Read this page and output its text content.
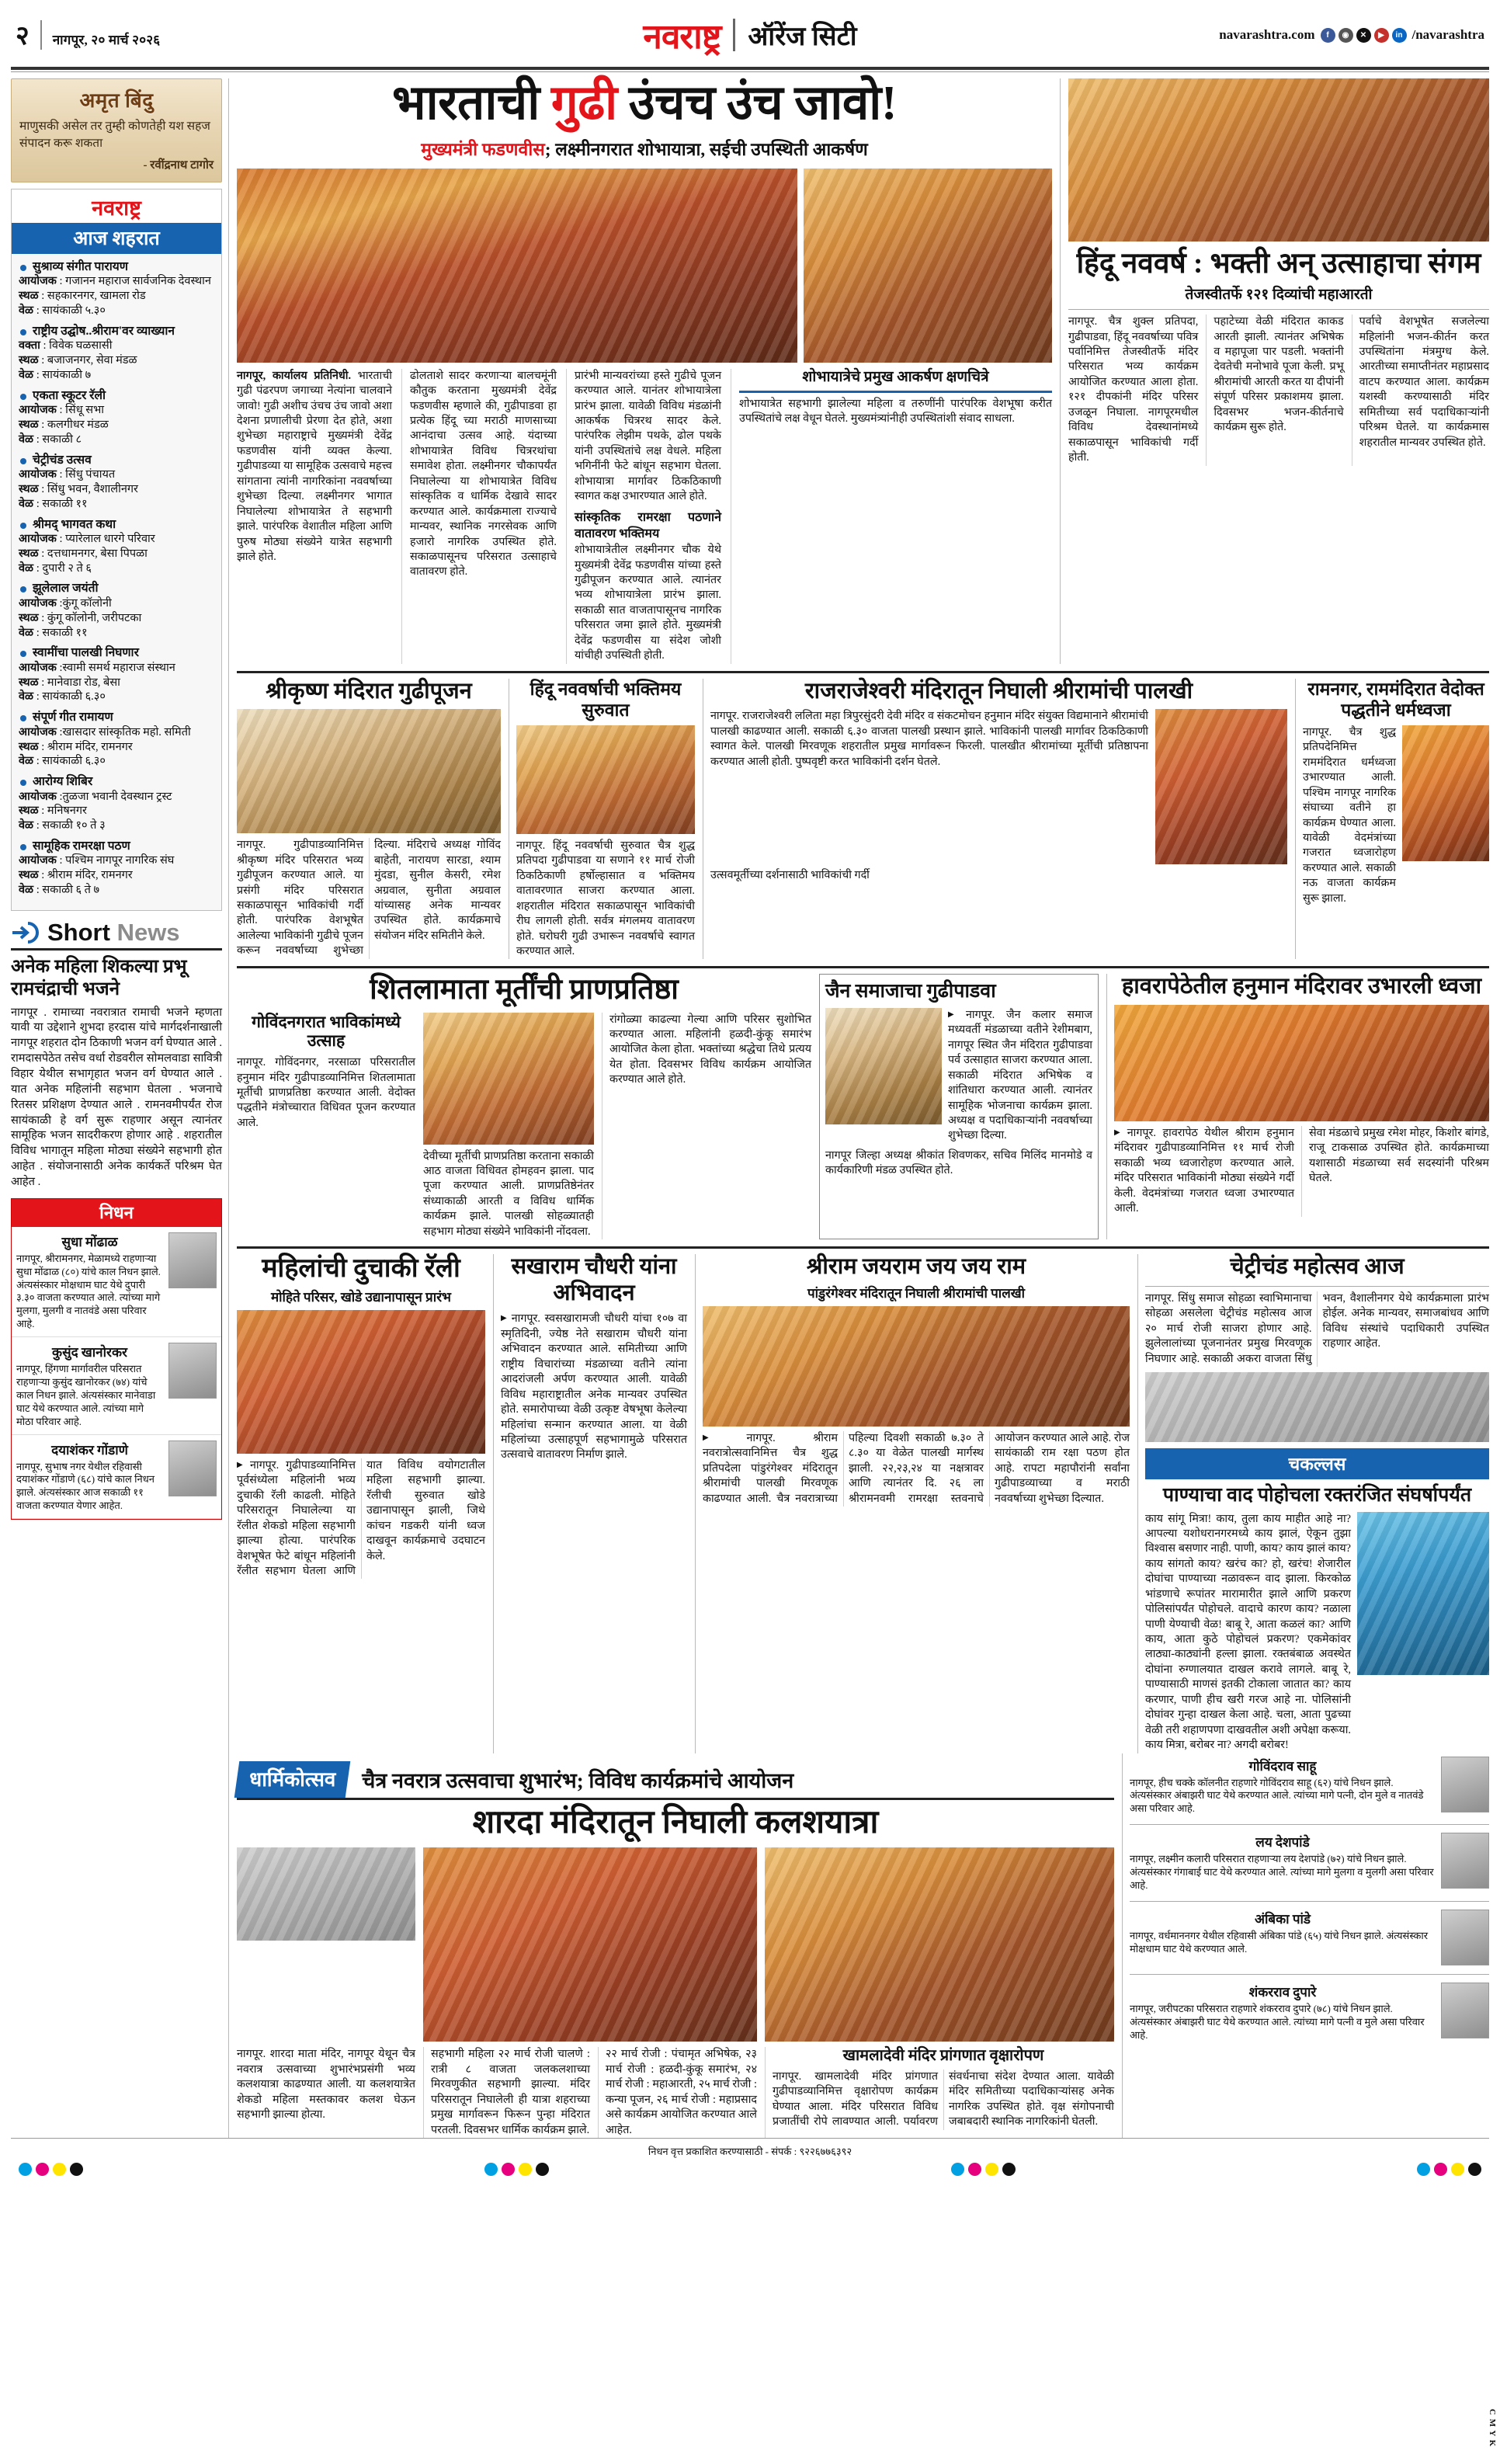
२ नागपूर, २० मार्च २०२६	नवराष्ट्र ऑरेंज सिटी	navarashtra.com	f	◉	✕	▶	in /navarashtra
अमृत बिंदु
माणुसकी असेल तर तुम्ही कोणतेही यश सहज संपादन करू शकता
- रवींद्रनाथ टागोर
नवराष्ट्र
आज शहरात
सुश्राव्य संगीत पारायण
आयोजक : गजानन महाराज सार्वजनिक देवस्थान
स्थळ : सहकारनगर, खामला रोड
वेळ : सायंकाळी ५.३०
राष्ट्रीय उद्घोष..श्रीराम'वर व्याख्यान
वक्ता : विवेक घळसासी
स्थळ : बजाजनगर, सेवा मंडळ
वेळ : सायंकाळी ७
एकता स्कूटर रॅली
आयोजक : सिंधू सभा
स्थळ : कलगीधर मंडळ
वेळ : सकाळी ८
चेट्रीचंड उत्सव
आयोजक : सिंधु पंचायत
स्थळ : सिंधु भवन, वैशालीनगर
वेळ : सकाळी ११
श्रीमद् भागवत कथा
आयोजक : प्यारेलाल धारगे परिवार
स्थळ : दत्तधामनगर, बेसा पिपळा
वेळ : दुपारी २ ते ६
झूलेलाल जयंती
आयोजक :कुंगू कॉलोनी
स्थळ : कुंगू कॉलोनी, जरीपटका
वेळ : सकाळी ११
स्वामींचा पालखी निघणार
आयोजक :स्वामी समर्थ महाराज संस्थान
स्थळ : मानेवाडा रोड, बेसा
वेळ : सायंकाळी ६.३०
संपूर्ण गीत रामायण
आयोजक :खासदार सांस्कृतिक महो. समिती
स्थळ : श्रीराम मंदिर, रामनगर
वेळ : सायंकाळी ६.३०
आरोग्य शिबिर
आयोजक :तुळजा भवानी देवस्थान ट्रस्ट
स्थळ : मनिषनगर
वेळ : सकाळी १० ते ३
सामूहिक रामरक्षा पठण
आयोजक : पश्चिम नागपूर नागरिक संघ
स्थळ : श्रीराम मंदिर, रामनगर
वेळ : सकाळी ६ ते ७
Short News
अनेक महिला शिकल्या प्रभू रामचंद्राची भजने
नागपूर . रामाच्या नवरात्रात रामाची भजने म्हणता यावी या उद्देशाने शुभदा हरदास यांचे मार्गदर्शनाखाली नागपूर शहरात दोन ठिकाणी भजन वर्ग घेण्यात आले . रामदासपेठेत तसेच वर्धा रोडवरील सोमलवाडा सावित्री विहार येथील सभागृहात भजन वर्ग घेण्यात आले . यात अनेक महिलांनी सहभाग घेतला . भजनाचे रितसर प्रशिक्षण देण्यात आले . रामनवमीपर्यंत रोज सायंकाळी हे वर्ग सुरू राहणार असून त्यानंतर सामूहिक भजन सादरीकरण होणार आहे . शहरातील विविध भागातून महिला मोठ्या संख्येने सहभागी होत आहेत . संयोजनासाठी अनेक कार्यकर्ते परिश्रम घेत आहेत .
निधन
सुधा मोंढाळ
नागपूर, श्रीरामनगर, मेळामध्ये राहणाऱ्या सुधा मोंढाळ (८०) यांचे काल निधन झाले. अंत्यसंस्कार मोक्षधाम घाट येथे दुपारी ३.३० वाजता करण्यात आले. त्यांच्या मागे मुलगा, मुलगी व नातवंडे असा परिवार आहे.
कुसुंद खानोरकर
नागपूर, हिंगणा मार्गावरील परिसरात राहणाऱ्या कुसुंद खानोरकर (७४) यांचे काल निधन झाले. अंत्यसंस्कार मानेवाडा घाट येथे करण्यात आले. त्यांच्या मागे मोठा परिवार आहे.
दयाशंकर गोंडाणे
नागपूर, सुभाष नगर येथील रहिवासी दयाशंकर गोंडाणे (६८) यांचे काल निधन झाले. अंत्यसंस्कार आज सकाळी ११ वाजता करण्यात येणार आहेत.
भारताची गुढी उंचच उंच जावो!
मुख्यमंत्री फडणवीस; लक्ष्मीनगरात शोभायात्रा, सईची उपस्थिती आकर्षण
नागपूर, कार्यालय प्रतिनिधी. भारताची गुढी पंढरपण जगाच्या नेत्यांना चालवाने जावो! गुढी अशीच उंचच उंच जावो अशा देशना प्रणालीची प्रेरणा देत होते, अशा शुभेच्छा महाराष्ट्राचे मुख्यमंत्री देवेंद्र फडणवीस यांनी व्यक्त केल्या. गुढीपाडव्या या सामूहिक उत्सवाचे महत्त्व सांगताना त्यांनी नागरिकांना नववर्षाच्या शुभेच्छा दिल्या. लक्ष्मीनगर भागात निघालेल्या शोभायात्रेत ते सहभागी झाले. पारंपरिक वेशातील महिला आणि पुरुष मोठ्या संख्येने यात्रेत सहभागी झाले होते.
ढोलताशे सादर करणाऱ्या बालचमूंनी कौतुक करताना मुख्यमंत्री देवेंद्र फडणवीस म्हणाले की, गुढीपाडवा हा प्रत्येक हिंदू च्या मराठी माणसाच्या आनंदाचा उत्सव आहे. यंदाच्या शोभायात्रेत विविध चित्ररथांचा समावेश होता. लक्ष्मीनगर चौकापर्यंत निघालेल्या या शोभायात्रेत विविध सांस्कृतिक व धार्मिक देखावे सादर करण्यात आले. कार्यक्रमाला राज्याचे मान्यवर, स्थानिक नगरसेवक आणि हजारो नागरिक उपस्थित होते. सकाळपासूनच परिसरात उत्साहाचे वातावरण होते.
प्रारंभी मान्यवरांच्या हस्ते गुढीचे पूजन करण्यात आले. यानंतर शोभायात्रेला प्रारंभ झाला. यावेळी विविध मंडळांनी आकर्षक चित्ररथ सादर केले. पारंपरिक लेझीम पथके, ढोल पथके यांनी उपस्थितांचे लक्ष वेधले. महिला भगिनींनी फेटे बांधून सहभाग घेतला. शोभायात्रा मार्गावर ठिकठिकाणी स्वागत कक्ष उभारण्यात आले होते.
सांस्कृतिक रामरक्षा पठणाने वातावरण भक्तिमय
शोभायात्रेतील लक्ष्मीनगर चौक येथे मुख्यमंत्री देवेंद्र फडणवीस यांच्या हस्ते गुढीपूजन करण्यात आले. त्यानंतर भव्य शोभायात्रेला प्रारंभ झाला. सकाळी सात वाजतापासूनच नागरिक परिसरात जमा झाले होते. मुख्यमंत्री देवेंद्र फडणवीस या संदेश जोशी यांचीही उपस्थिती होती.
शोभायात्रेचे प्रमुख आकर्षण क्षणचित्रे
शोभायात्रेत सहभागी झालेल्या महिला व तरुणींनी पारंपरिक वेशभूषा करीत उपस्थितांचे लक्ष वेधून घेतले. मुख्यमंत्र्यांनीही उपस्थितांशी संवाद साधला.
हिंदू नववर्ष : भक्ती अन् उत्साहाचा संगम
तेजस्वीतर्फे १२१ दिव्यांची महाआरती
नागपूर. चैत्र शुक्ल प्रतिपदा, गुढीपाडवा, हिंदू नववर्षाच्या पवित्र पर्वानिमित्त तेजस्वीतर्फे मंदिर परिसरात भव्य कार्यक्रम आयोजित करण्यात आला होता. १२१ दीपकांनी मंदिर परिसर उजळून निघाला. नागपूरमधील विविध देवस्थानांमध्ये सकाळपासून भाविकांची गर्दी होती.
पहाटेच्या वेळी मंदिरात काकड आरती झाली. त्यानंतर अभिषेक व महापूजा पार पडली. भक्तांनी देवतेची मनोभावे पूजा केली. प्रभू श्रीरामांची आरती करत या दीपांनी संपूर्ण परिसर प्रकाशमय झाला. दिवसभर भजन-कीर्तनाचे कार्यक्रम सुरू होते.
पर्वाचे वेशभूषेत सजलेल्या महिलांनी भजन-कीर्तन करत उपस्थितांना मंत्रमुग्ध केले. आरतीच्या समाप्तीनंतर महाप्रसाद वाटप करण्यात आला. कार्यक्रम यशस्वी करण्यासाठी मंदिर समितीच्या सर्व पदाधिकाऱ्यांनी परिश्रम घेतले. या कार्यक्रमास शहरातील मान्यवर उपस्थित होते.
श्रीकृष्ण मंदिरात गुढीपूजन
नागपूर. गुढीपाडव्यानिमित्त श्रीकृष्ण मंदिर परिसरात भव्य गुढीपूजन करण्यात आले. या प्रसंगी मंदिर परिसरात सकाळपासून भाविकांची गर्दी होती. पारंपरिक वेशभूषेत आलेल्या भाविकांनी गुढीचे पूजन करून नववर्षाच्या शुभेच्छा दिल्या. मंदिराचे अध्यक्ष गोविंद बाहेती, नारायण सारडा, श्याम मुंदडा, सुनील केसरी, रमेश अग्रवाल, सुनीता अग्रवाल यांच्यासह अनेक मान्यवर उपस्थित होते. कार्यक्रमाचे संयोजन मंदिर समितीने केले.
हिंदू नववर्षाची भक्तिमय सुरुवात
नागपूर. हिंदू नववर्षाची सुरुवात चैत्र शुद्ध प्रतिपदा गुढीपाडवा या सणाने ११ मार्च रोजी ठिकठिकाणी हर्षोल्हासात व भक्तिमय वातावरणात साजरा करण्यात आला. शहरातील मंदिरात सकाळपासून भाविकांची रीघ लागली होती. सर्वत्र मंगलमय वातावरण होते. घरोघरी गुढी उभारून नववर्षाचे स्वागत करण्यात आले.
राजराजेश्वरी मंदिरातून निघाली श्रीरामांची पालखी
नागपूर. राजराजेश्वरी ललिता महा त्रिपुरसुंदरी देवी मंदिर व संकटमोचन हनुमान मंदिर संयुक्त विद्यमानाने श्रीरामांची पालखी काढण्यात आली. सकाळी ६.३० वाजता पालखी प्रस्थान झाले. भाविकांनी पालखी मार्गावर ठिकठिकाणी स्वागत केले. पालखी मिरवणूक शहरातील प्रमुख मार्गावरून फिरली. पालखीत श्रीरामांच्या मूर्तीची प्रतिष्ठापना करण्यात आली होती. पुष्पवृष्टी करत भाविकांनी दर्शन घेतले.
उत्सवमूर्तीच्या दर्शनासाठी भाविकांची गर्दी
रामनगर, राममंदिरात वेदोक्त पद्धतीने धर्मध्वजा
नागपूर. चैत्र शुद्ध प्रतिपदेनिमित्त राममंदिरात धर्मध्वजा उभारण्यात आली. पश्चिम नागपूर नागरिक संघाच्या वतीने हा कार्यक्रम घेण्यात आला. यावेळी वेदमंत्रांच्या गजरात ध्वजारोहण करण्यात आले. सकाळी नऊ वाजता कार्यक्रम सुरू झाला.
शितलामाता मूर्तींची प्राणप्रतिष्ठा
गोविंदनगरात भाविकांमध्ये उत्साह
नागपूर. गोविंदनगर, नरसाळा परिसरातील हनुमान मंदिर गुढीपाडव्यानिमित्त शितलामाता मूर्तीची प्राणप्रतिष्ठा करण्यात आली. वेदोक्त पद्धतीने मंत्रोच्चारात विधिवत पूजन करण्यात आले.
देवीच्या मूर्तीची प्राणप्रतिष्ठा करताना सकाळी आठ वाजता विधिवत होमहवन झाला. पाद पूजा करण्यात आली. प्राणप्रतिष्ठेनंतर संध्याकाळी आरती व विविध धार्मिक कार्यक्रम झाले. पालखी सोहळ्यातही सहभाग मोठ्या संख्येने भाविकांनी नोंदवला.
रांगोळ्या काढल्या गेल्या आणि परिसर सुशोभित करण्यात आला. महिलांनी हळदी-कुंकू समारंभ आयोजित केला होता. भक्तांच्या श्रद्धेचा तिथे प्रत्यय येत होता. दिवसभर विविध कार्यक्रम आयोजित करण्यात आले होते.
जैन समाजाचा गुढीपाडवा
▶ नागपूर. जैन कलार समाज मध्यवर्ती मंडळाच्या वतीने रेशीमबाग, नागपूर स्थित जैन मंदिरात गुढीपाडवा पर्व उत्साहात साजरा करण्यात आला. सकाळी मंदिरात अभिषेक व शांतिधारा करण्यात आली. त्यानंतर सामूहिक भोजनाचा कार्यक्रम झाला. अध्यक्ष व पदाधिकाऱ्यांनी नववर्षाच्या शुभेच्छा दिल्या.
नागपूर जिल्हा अध्यक्ष श्रीकांत शिवणकर, सचिव मिलिंद मानमोडे व कार्यकारिणी मंडळ उपस्थित होते.
हावरापेठेतील हनुमान मंदिरावर उभारली ध्वजा
▶ नागपूर. हावरापेठ येथील श्रीराम हनुमान मंदिरावर गुढीपाडव्यानिमित्त ११ मार्च रोजी सकाळी भव्य ध्वजारोहण करण्यात आले. मंदिर परिसरात भाविकांनी मोठ्या संख्येने गर्दी केली. वेदमंत्रांच्या गजरात ध्वजा उभारण्यात आली.
सेवा मंडळाचे प्रमुख रमेश मोहर, किशोर बांगडे, राजू टाकसाळ उपस्थित होते. कार्यक्रमाच्या यशासाठी मंडळाच्या सर्व सदस्यांनी परिश्रम घेतले.
महिलांची दुचाकी रॅली
मोहिते परिसर, खोडे उद्यानापासून प्रारंभ
▶ नागपूर. गुढीपाडव्यानिमित्त पूर्वसंध्येला महिलांनी भव्य दुचाकी रॅली काढली. मोहिते परिसरातून निघालेल्या या रॅलीत शेकडो महिला सहभागी झाल्या होत्या. पारंपरिक वेशभूषेत फेटे बांधून महिलांनी रॅलीत सहभाग घेतला आणि यात विविध वयोगटातील महिला सहभागी झाल्या. रॅलीची सुरुवात खोडे उद्यानापासून झाली, जिथे कांचन गडकरी यांनी ध्वज दाखवून कार्यक्रमाचे उदघाटन केले.
सखाराम चौधरी यांना अभिवादन
▶ नागपूर. स्वसखारामजी चौधरी यांचा १०७ वा स्मृतिदिनी, ज्येष्ठ नेते सखाराम चौधरी यांना अभिवादन करण्यात आले. समितीच्या आणि राष्ट्रीय विचारांच्या मंडळाच्या वतीने त्यांना आदरांजली अर्पण करण्यात आली. यावेळी विविध महाराष्ट्रातील अनेक मान्यवर उपस्थित होते. समारोपाच्या वेळी उत्कृष्ट वेषभूषा केलेल्या महिलांचा सन्मान करण्यात आला. या वेळी महिलांच्या उत्साहपूर्ण सहभागामुळे परिसरात उत्सवाचे वातावरण निर्माण झाले.
श्रीराम जयराम जय जय राम
पांडुरंगेश्वर मंदिरातून निघाली श्रीरामांची पालखी
▶ नागपूर. श्रीराम नवरात्रोत्सवानिमित्त चैत्र शुद्ध प्रतिपदेला पांडुरंगेश्वर मंदिरातून श्रीरामांची पालखी मिरवणूक काढण्यात आली. चैत्र नवरात्राच्या पहिल्या दिवशी सकाळी ७.३० ते ८.३० या वेळेत पालखी मार्गस्थ झाली. २२,२३,२४ या नक्षत्रावर आणि त्यानंतर दि. २६ ला श्रीरामनवमी रामरक्षा स्तवनाचे आयोजन करण्यात आले आहे. रोज सायंकाळी राम रक्षा पठण होत आहे. रापटा महापौरांनी सर्वांना गुढीपाडव्याच्या व मराठी नववर्षाच्या शुभेच्छा दिल्यात.
चेट्रीचंड महोत्सव आज
नागपूर. सिंधु समाज सोहळा स्वाभिमानाचा सोहळा असलेला चेट्रीचंड महोत्सव आज २० मार्च रोजी साजरा होणार आहे. झुलेलालांच्या पूजनानंतर प्रमुख मिरवणूक निघणार आहे. सकाळी अकरा वाजता सिंधु भवन, वैशालीनगर येथे कार्यक्रमाला प्रारंभ होईल. अनेक मान्यवर, समाजबांधव आणि विविध संस्थांचे पदाधिकारी उपस्थित राहणार आहेत.
चकल्लस
पाण्याचा वाद पोहोचला रक्तरंजित संघर्षापर्यंत
काय सांगू मित्रा! काय, तुला काय माहीत आहे ना? आपल्या यशोधरानगरमध्ये काय झालं, ऐकून तुझा विश्वास बसणार नाही. पाणी, काय? काय झालं काय? काय सांगतो काय? खरंच का? हो, खरंच! शेजारील दोघांचा पाण्याच्या नळावरून वाद झाला. किरकोळ भांडणाचे रूपांतर मारामारीत झाले आणि प्रकरण पोलिसांपर्यंत पोहोचले. वादाचे कारण काय? नळाला पाणी येण्याची वेळ! बाबू रे, आता कळलं का? आणि काय, आता कुठे पोहोचलं प्रकरण? एकमेकांवर लाठ्या-काठ्यांनी हल्ला झाला. रक्तबंबाळ अवस्थेत दोघांना रुग्णालयात दाखल करावे लागले. बाबू रे, पाण्यासाठी माणसं इतकी टोकाला जातात का? काय करणार, पाणी हीच खरी गरज आहे ना. पोलिसांनी दोघांवर गुन्हा दाखल केला आहे. चला, आता पुढच्या वेळी तरी शहाणपणा दाखवतील अशी अपेक्षा करूया. काय मित्रा, बरोबर ना? अगदी बरोबर!
धार्मिकोत्सव	चैत्र नवरात्र उत्सवाचा शुभारंभ; विविध कार्यक्रमांचे आयोजन
शारदा मंदिरातून निघाली कलशयात्रा
नागपूर. शारदा माता मंदिर, नागपूर येथून चैत्र नवरात्र उत्सवाच्या शुभारंभप्रसंगी भव्य कलशयात्रा काढण्यात आली. या कलशयात्रेत शेकडो महिला मस्तकावर कलश घेऊन सहभागी झाल्या होत्या.
सहभागी महिला २२ मार्च रोजी चालणे : रात्री ८ वाजता जलकलशाच्या मिरवणुकीत सहभागी झाल्या. मंदिर परिसरातून निघालेली ही यात्रा शहराच्या प्रमुख मार्गावरून फिरून पुन्हा मंदिरात परतली. दिवसभर धार्मिक कार्यक्रम झाले.
२२ मार्च रोजी : पंचामृत अभिषेक, २३ मार्च रोजी : हळदी-कुंकू समारंभ, २४ मार्च रोजी : महाआरती, २५ मार्च रोजी : कन्या पूजन, २६ मार्च रोजी : महाप्रसाद असे कार्यक्रम आयोजित करण्यात आले आहेत.
खामलादेवी मंदिर प्रांगणात वृक्षारोपण
नागपूर. खामलादेवी मंदिर प्रांगणात गुढीपाडव्यानिमित्त वृक्षारोपण कार्यक्रम घेण्यात आला. मंदिर परिसरात विविध प्रजातींची रोपे लावण्यात आली. पर्यावरण संवर्धनाचा संदेश देण्यात आला. यावेळी मंदिर समितीच्या पदाधिकाऱ्यांसह अनेक नागरिक उपस्थित होते. वृक्ष संगोपनाची जबाबदारी स्थानिक नागरिकांनी घेतली.
गोविंदराव साहू
नागपूर, हीच चक्के कॉलनीत राहणारे गोविंदराव साहू (६२) यांचे निधन झाले. अंत्यसंस्कार अंबाझरी घाट येथे करण्यात आले. त्यांच्या मागे पत्नी, दोन मुले व नातवंडे असा परिवार आहे.
लय देशपांडे
नागपूर, लक्ष्मीन कलारी परिसरात राहणाऱ्या लय देशपांडे (७२) यांचे निधन झाले. अंत्यसंस्कार गंगाबाई घाट येथे करण्यात आले. त्यांच्या मागे मुलगा व मुलगी असा परिवार आहे.
अंबिका पांडे
नागपूर, वर्धमाननगर येथील रहिवासी अंबिका पांडे (६५) यांचे निधन झाले. अंत्यसंस्कार मोक्षधाम घाट येथे करण्यात आले.
शंकरराव दुपारे
नागपूर, जरीपटका परिसरात राहणारे शंकरराव दुपारे (७८) यांचे निधन झाले. अंत्यसंस्कार अंबाझरी घाट येथे करण्यात आले. त्यांच्या मागे पत्नी व मुले असा परिवार आहे.
निधन वृत्त प्रकाशित करण्यासाठी - संपर्क : ९२२६७७६३९२
C M Y K
